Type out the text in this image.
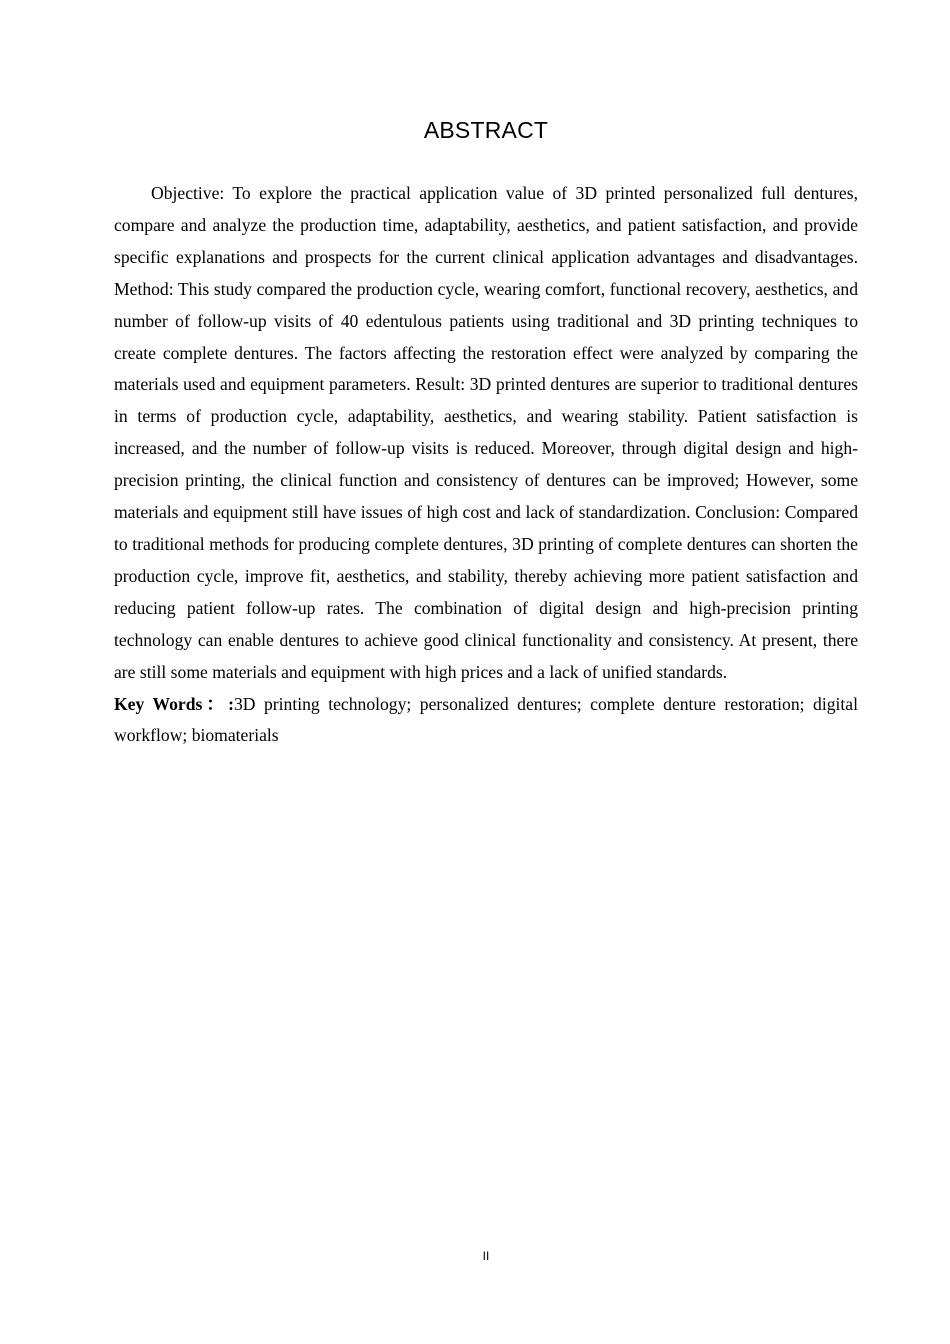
ABSTRACT

Objective: To explore the practical application value of 3D printed personalized full dentures, compare and analyze the production time, adaptability, aesthetics, and patient satisfaction, and provide specific explanations and prospects for the current clinical application advantages and disadvantages. Method: This study compared the production cycle, wearing comfort, functional recovery, aesthetics, and number of follow-up visits of 40 edentulous patients using traditional and 3D printing techniques to create complete dentures. The factors affecting the restoration effect were analyzed by comparing the materials used and equipment parameters. Result: 3D printed dentures are superior to traditional dentures in terms of production cycle, adaptability, aesthetics, and wearing stability. Patient satisfaction is increased, and the number of follow-up visits is reduced. Moreover, through digital design and high-precision printing, the clinical function and consistency of dentures can be improved; However, some materials and equipment still have issues of high cost and lack of standardization. Conclusion: Compared to traditional methods for producing complete dentures, 3D printing of complete dentures can shorten the production cycle, improve fit, aesthetics, and stability, thereby achieving more patient satisfaction and reducing patient follow-up rates. The combination of digital design and high-precision printing technology can enable dentures to achieve good clinical functionality and consistency. At present, there are still some materials and equipment with high prices and a lack of unified standards.

Key Words：:3D printing technology; personalized dentures; complete denture restoration; digital workflow; biomaterials

II
